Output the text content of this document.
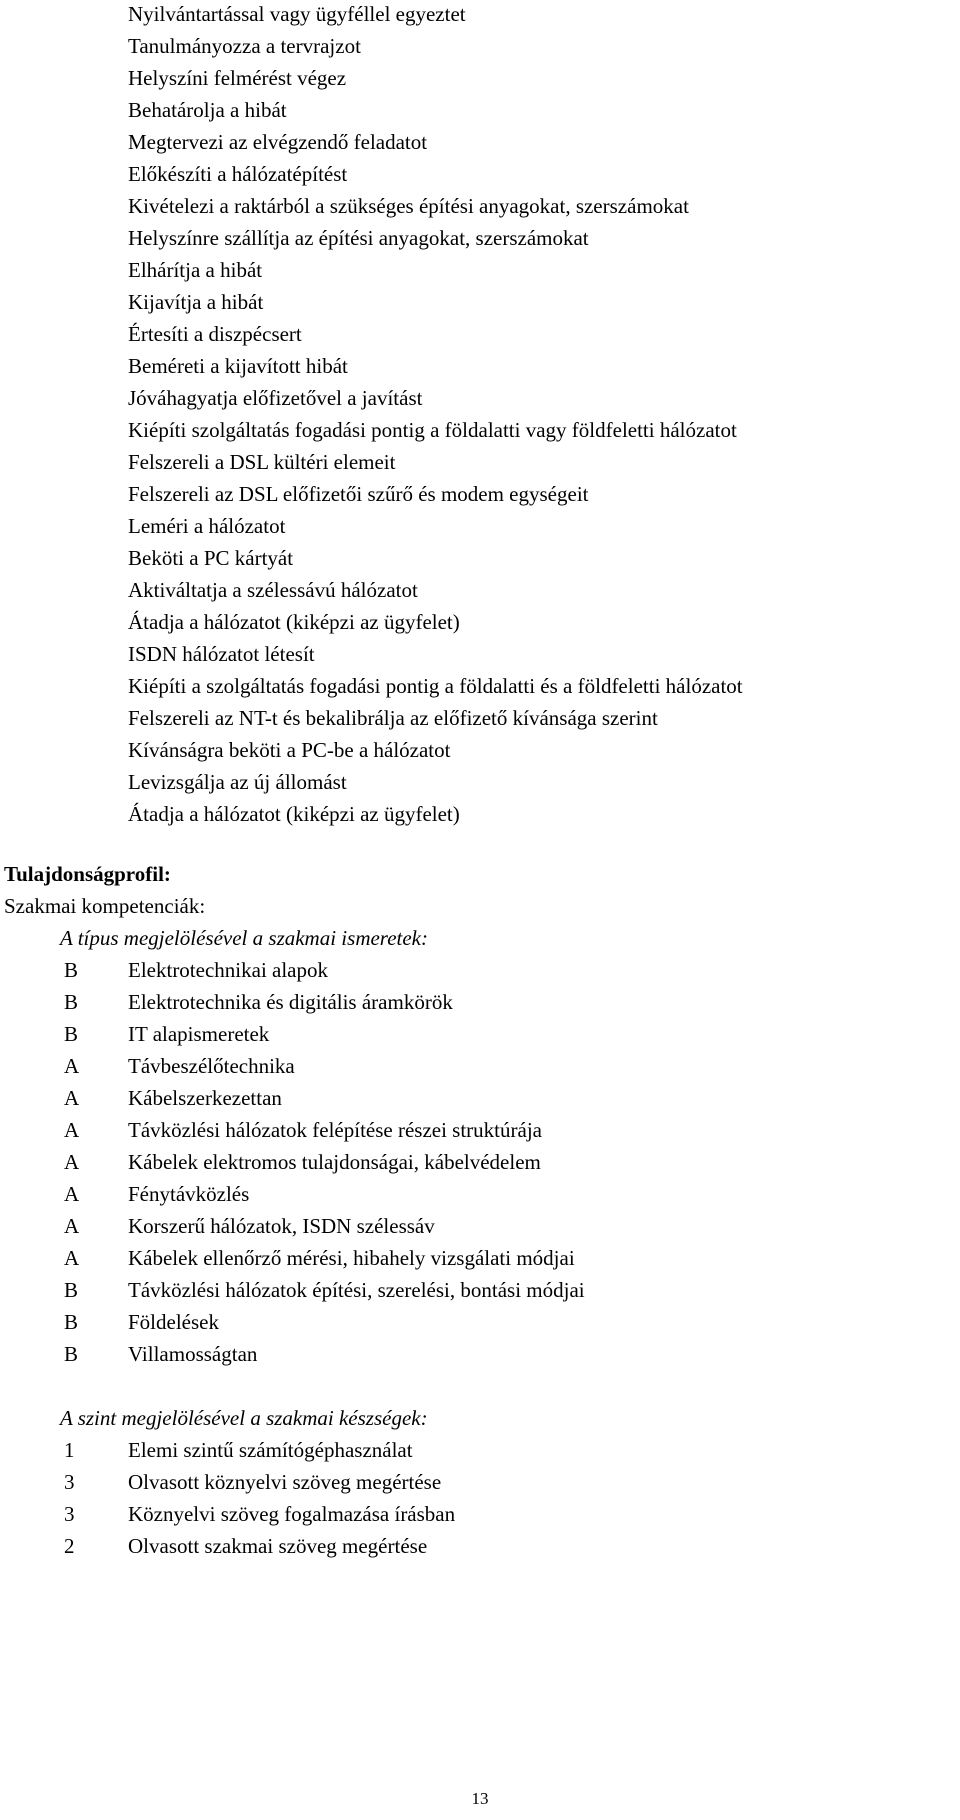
Nyilvántartással vagy ügyféllel egyeztet
Tanulmányozza a tervrajzot
Helyszíni felmérést végez
Behatárolja a hibát
Megtervezi az elvégzendő feladatot
Előkészíti a hálózatépítést
Kivételezi a raktárból a szükséges építési anyagokat, szerszámokat
Helyszínre szállítja az építési anyagokat, szerszámokat
Elhárítja a hibát
Kijavítja a hibát
Értesíti a diszpécsert
Beméreti a kijavított hibát
Jóváhagyatja előfizetővel a javítást
Kiépíti szolgáltatás fogadási pontig a földalatti vagy földfeletti hálózatot
Felszereli a DSL kültéri elemeit
Felszereli az DSL előfizetői szűrő és modem egységeit
Leméri a hálózatot
Beköti a PC kártyát
Aktiváltatja a szélessávú hálózatot
Átadja a hálózatot (kiképzi az ügyfelet)
ISDN hálózatot létesít
Kiépíti a szolgáltatás fogadási pontig a földalatti és a földfeletti hálózatot
Felszereli az NT-t és bekalibrálja az előfizető kívánsága szerint
Kívánságra beköti a PC-be a hálózatot
Levizsgálja az új állomást
Átadja a hálózatot (kiképzi az ügyfelet)
Tulajdonságprofil:
Szakmai kompetenciák:
A típus megjelölésével a szakmai ismeretek:
B	Elektrotechnikai alapok
B	Elektrotechnika és digitális áramkörök
B	IT alapismeretek
A	Távbeszélőtechnika
A	Kábelszerkezettan
A	Távközlési hálózatok felépítése részei struktúrája
A	Kábelek elektromos tulajdonságai, kábelvédelem
A	Fénytávközlés
A	Korszerű hálózatok, ISDN szélessáv
A	Kábelek ellenőrző mérési, hibahely vizsgálati módjai
B	Távközlési hálózatok építési, szerelési, bontási módjai
B	Földelések
B	Villamosságtan
A szint megjelölésével a szakmai készségek:
1	Elemi szintű számítógéphasználat
3	Olvasott köznyelvi szöveg megértése
3	Köznyelvi szöveg fogalmazása írásban
2	Olvasott szakmai szöveg megértése
13
